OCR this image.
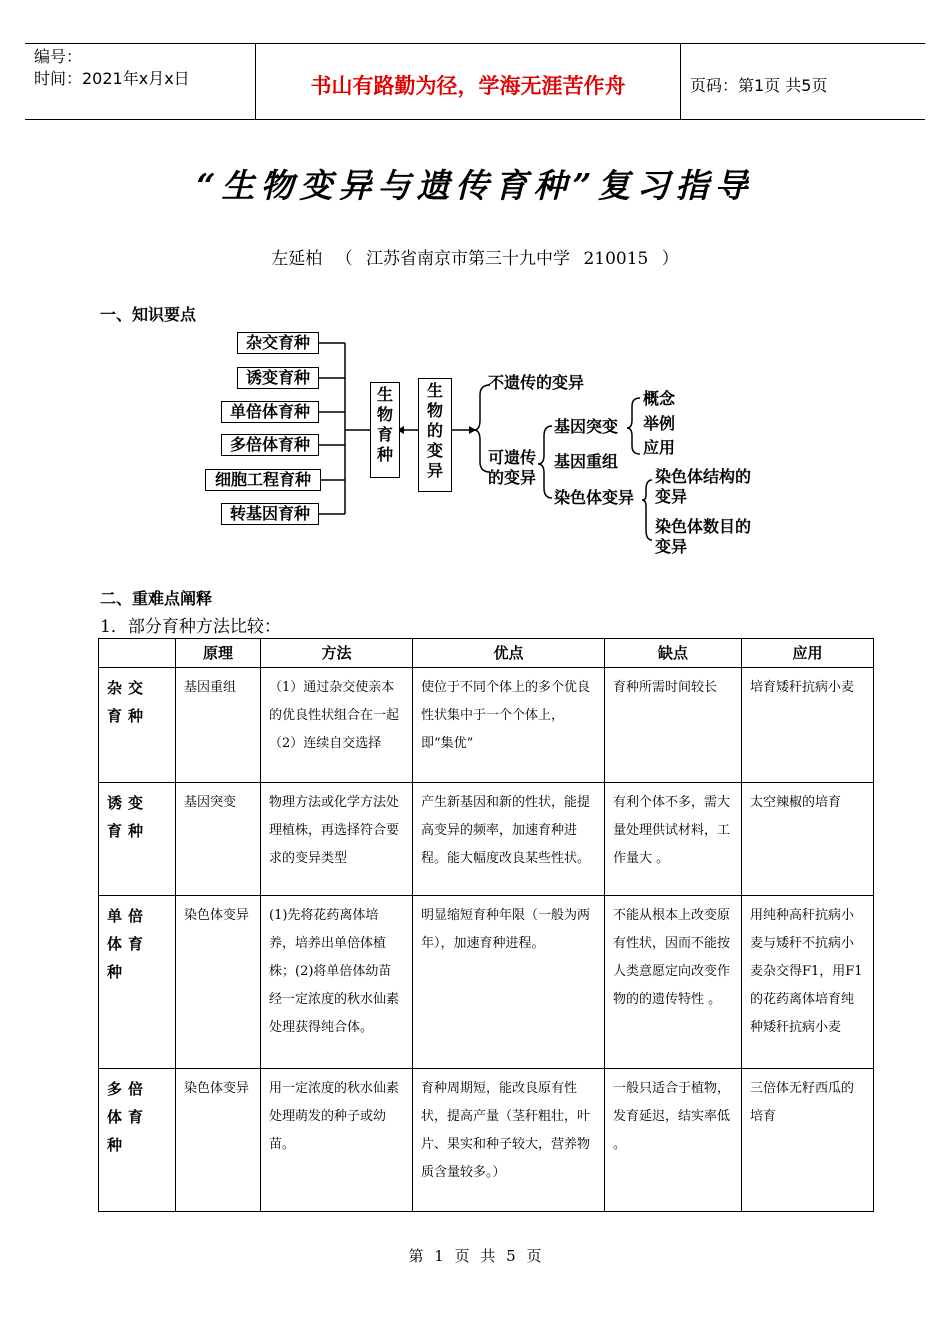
编号：
时间：2021年x月x日	书山有路勤为径，学海无涯苦作舟	页码：第1页 共5页
“生物变异与遗传育种”复习指导
左延柏 （ 江苏省南京市第三十九中学 210015 ）
一、知识要点
杂交育种
诱变育种
单倍体育种
多倍体育种
细胞工程育种
转基因育种
生物育种
生物的变异
不遗传的变异
可遗传的变异
基因突变
基因重组
染色体变异
概念
举例
应用
染色体结构的变异
染色体数目的变异
二、重难点阐释
1．部分育种方法比较：
	原理	方法	优点	缺点	应用
杂交育种	基因重组	（1）通过杂交使亲本的优良性状组合在一起
（2）连续自交选择	使位于不同个体上的多个优良性状集中于一个个体上，即“集优”	育种所需时间较长	培育矮秆抗病小麦
诱变育种	基因突变	物理方法或化学方法处理植株，再选择符合要求的变异类型	产生新基因和新的性状，能提高变异的频率，加速育种进程。能大幅度改良某些性状。	有利个体不多，需大量处理供试材料，工作量大 。	太空辣椒的培育
单倍体育种	染色体变异	(1)先将花药离体培养，培养出单倍体植株；(2)将单倍体幼苗经一定浓度的秋水仙素处理获得纯合体。	明显缩短育种年限（一般为两年），加速育种进程。	不能从根本上改变原有性状，因而不能按人类意愿定向改变作物的的遗传特性 。	用纯种高秆抗病小麦与矮秆不抗病小麦杂交得F1，用F1的花药离体培育纯种矮秆抗病小麦
多倍体育种	染色体变异	用一定浓度的秋水仙素处理萌发的种子或幼苗。	育种周期短，能改良原有性状，提高产量（茎秆粗壮，叶片、果实和种子较大，营养物质含量较多。）	一般只适合于植物，发育延迟，结实率低 。	三倍体无籽西瓜的培育
第 1 页 共 5 页
